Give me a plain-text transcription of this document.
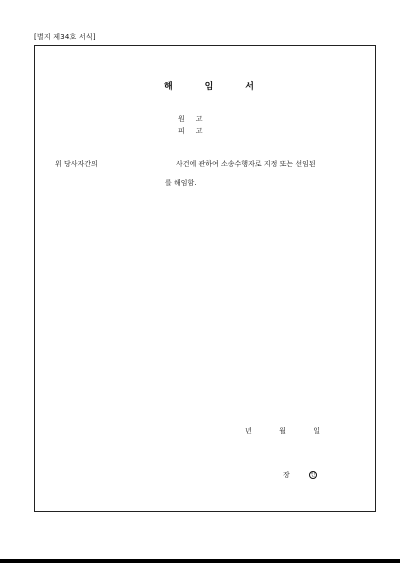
[별지 제34호 서식]
해	임	서
원 고
피 고
위 당사자간의	사건에 관하여 소송수행자로 지정 또는 선임된
를 해임함.
년	월	일
장	인
